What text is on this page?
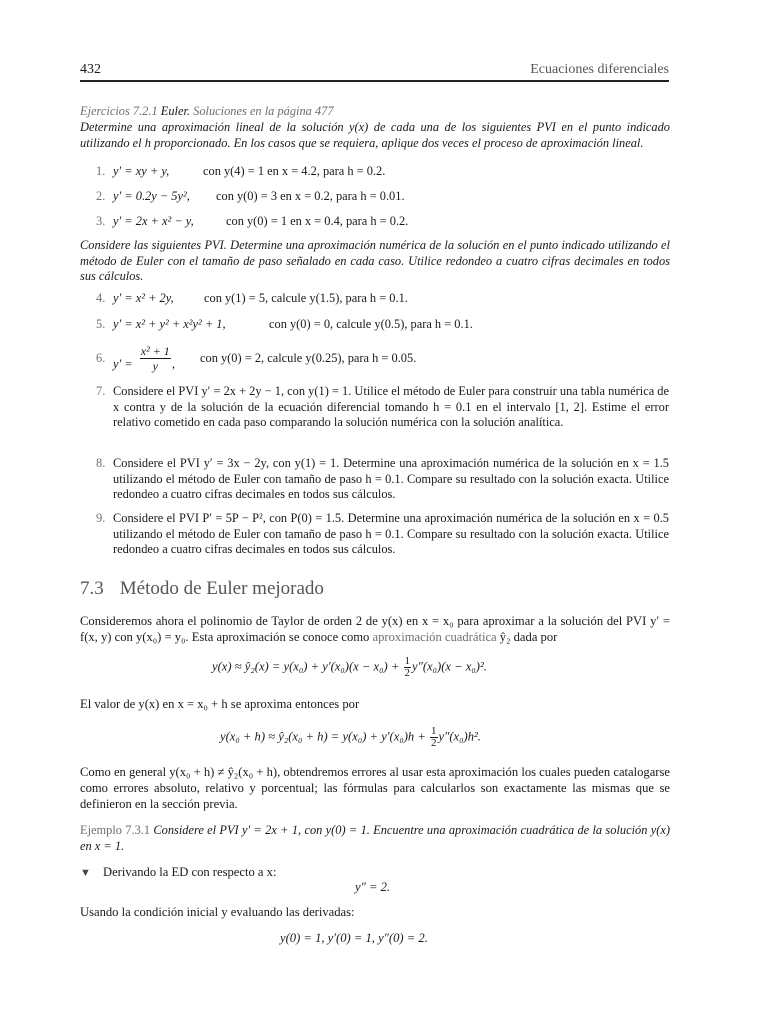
432	Ecuaciones diferenciales
Ejercicios 7.2.1 Euler. Soluciones en la página 477
Determine una aproximación lineal de la solución y(x) de cada una de los siguientes PVI en el punto indicado utilizando el h proporcionado. En los casos que se requiera, aplique dos veces el proceso de aproximación lineal.
1. y′ = xy + y,	con y(4) = 1 en x = 4.2, para h = 0.2.
2. y′ = 0.2y − 5y², con y(0) = 3 en x = 0.2, para h = 0.01.
3. y′ = 2x + x² − y,	con y(0) = 1 en x = 0.4, para h = 0.2.
Considere las siguientes PVI. Determine una aproximación numérica de la solución en el punto indicado utilizando el método de Euler con el tamaño de paso señalado en cada caso. Utilice redondeo a cuatro cifras decimales en todos sus cálculos.
4. y′ = x² + 2y, con y(1) = 5, calcule y(1.5), para h = 0.1.
5. y′ = x² + y² + x²y² + 1,	con y(0) = 0, calcule y(0.5), para h = 0.1.
6. $y' = \frac{\text{x² + 1}}{y}$ , con y(0) = 2, calcule y(0.25), para h = 0.05.
7. Considere el PVI y′ = 2x + 2y − 1, con y(1) = 1. Utilice el método de Euler para construir una tabla numérica de x contra y de la solución de la ecuación diferencial tomando h = 0.1 en el intervalo [1, 2]. Estime el error relativo cometido en cada paso comparando la solución numérica con la solución analítica.
8. Considere el PVI y′ = 3x − 2y, con y(1) = 1. Determine una aproximación numérica de la solución en x = 1.5 utilizando el método de Euler con tamaño de paso h = 0.1. Compare su resultado con la solución exacta. Utilice redondeo a cuatro cifras decimales en todos sus cálculos.
9. Considere el PVI P′ = 5P − P², con P(0) = 1.5. Determine una aproximación numérica de la solución en x = 0.5 utilizando el método de Euler con tamaño de paso h = 0.1. Compare su resultado con la solución exacta. Utilice redondeo a cuatro cifras decimales en todos sus cálculos.
7.3 Método de Euler mejorado
Consideremos ahora el polinomio de Taylor de orden 2 de y(x) en x = x₀ para aproximar a la solución del PVI y′ = f(x, y) con y(x₀) = y₀. Esta aproximación se conoce como aproximación cuadrática ŷ₂ dada por
y(x) ≈ ŷ₂(x) = $y(x_0) + y'(x_0)(x - x_0) + \frac{1}{2} y''(x_0)(x - x_0)^2$.
El valor de y(x) en x = x₀ + h se aproxima entonces por
y(x₀ + h) ≈ ŷ₂(x₀ + $h) = y(x_0) + y'(x_0)h + \frac{1}{2} y''(x_0)h^2$.
Como en general y(x₀ + h) ≠ ŷ₂(x₀ + h), obtendremos errores al usar esta aproximación los cuales pueden catalogarse como errores absoluto, relativo y porcentual; las fórmulas para calcularlos son exactamente las mismas que se definieron en la sección previa.
Ejemplo 7.3.1 Considere el PVI y′ = 2x + 1, con y(0) = 1. Encuentre una aproximación cuadrática de la solución y(x) en x = 1.
▼ Derivando la ED con respecto a x:
y″ = 2.
Usando la condición inicial y evaluando las derivadas:
y(0) = 1, y′(0) = 1, y″(0) = 2.
